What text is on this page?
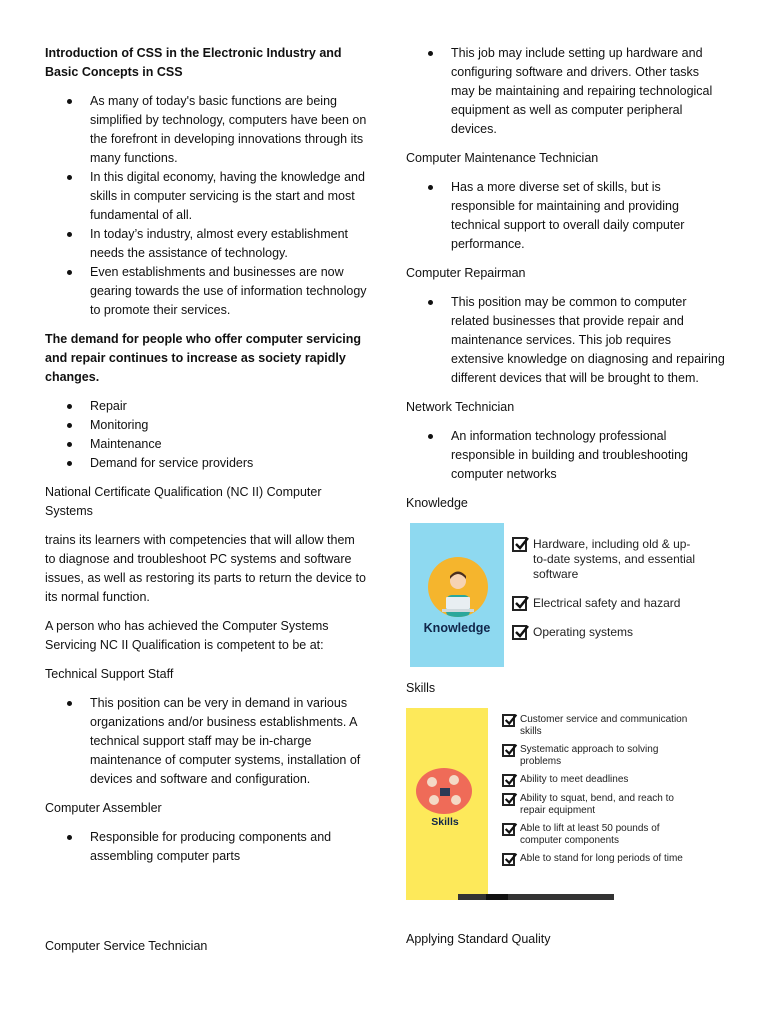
Introduction of CSS in the Electronic Industry and Basic Concepts in CSS

As many of today's basic functions are being simplified by technology, computers have been on the forefront in developing innovations through its many functions.
In this digital economy, having the knowledge and skills in computer servicing is the start and most fundamental of all.
In today’s industry, almost every establishment needs the assistance of technology.
Even establishments and businesses are now gearing towards the use of information technology to promote their services.

The demand for people who offer computer servicing and repair continues to increase as society rapidly changes.

Repair
Monitoring
Maintenance
Demand for service providers

National Certificate Qualification (NC II) Computer Systems

trains its learners with competencies that will allow them to diagnose and troubleshoot PC systems and software issues, as well as restoring its parts to return the device to its normal function.

A person who has achieved the Computer Systems Servicing NC II Qualification is competent to be at:

Technical Support Staff

This position can be very in demand in various organizations and/or business establishments. A technical support staff may be in-charge maintenance of computer systems, installation of devices and software and configuration.

Computer Assembler

Responsible for producing components and assembling computer parts
Computer Service Technician
This job may include setting up hardware and configuring software and drivers. Other tasks may be maintaining and repairing technological equipment as well as computer peripheral devices.

Computer Maintenance Technician

Has a more diverse set of skills, but is responsible for maintaining and providing technical support to overall daily computer performance.

Computer Repairman

This position may be common to computer related businesses that provide repair and maintenance services. This job requires extensive knowledge on diagnosing and repairing different devices that will be brought to them.

Network Technician

An information technology professional responsible in building and troubleshooting computer networks

Knowledge

Knowledge
Hardware, including old & up-to-date systems, and essential software
Electrical safety and hazard
Operating systems

Skills

Skills
Customer service and communication skills
Systematic approach to solving problems
Ability to meet deadlines
Ability to squat, bend, and reach to repair equipment
Able to lift at least 50 pounds of computer components
Able to stand for long periods of time
Applying Standard Quality
